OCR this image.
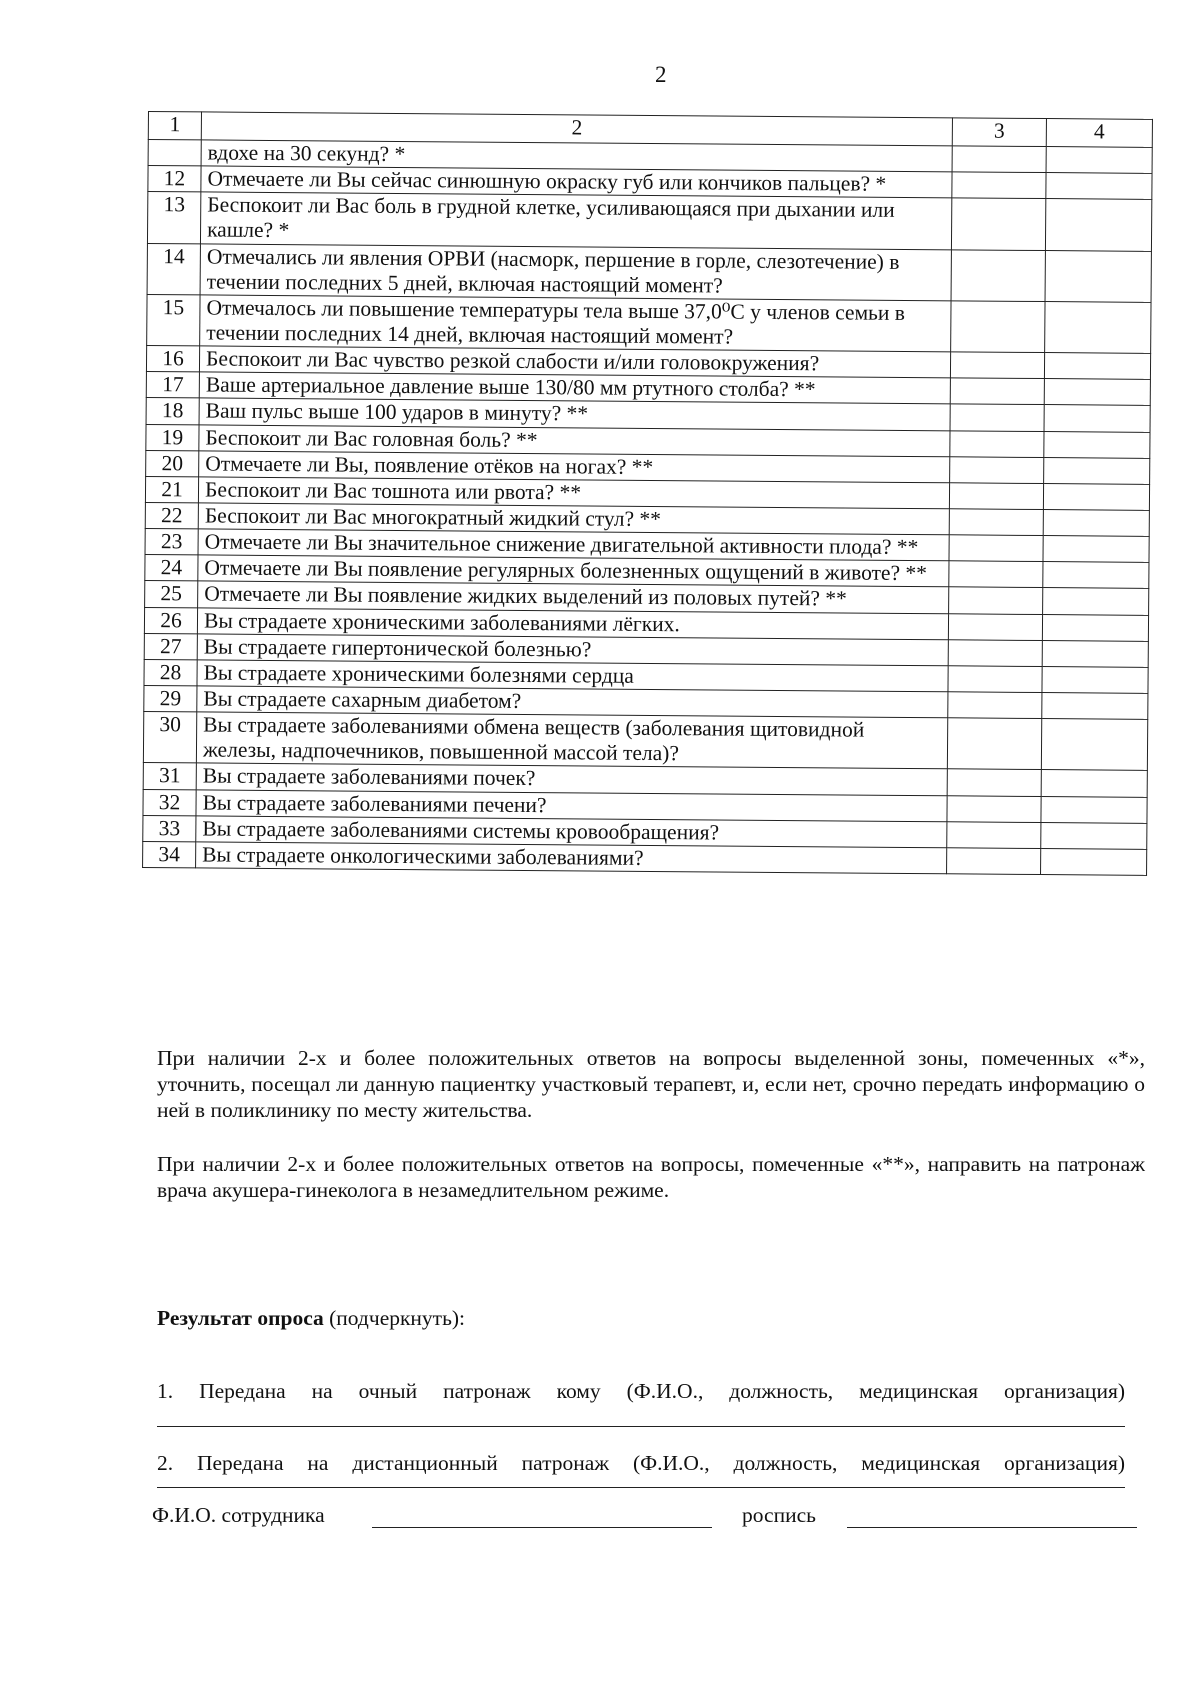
2
1	2	3	4
	вдохе на 30 секунд? *		
12	Отмечаете ли Вы сейчас синюшную окраску губ или кончиков пальцев? *		
13	Беспокоит ли Вас боль в грудной клетке, усиливающаяся при дыхании или кашле? *		
14	Отмечались ли явления ОРВИ (насморк, першение в горле, слезотечение) в течении последних 5 дней, включая настоящий момент?		
15	Отмечалось ли повышение температуры тела выше 37,0⁰С у членов семьи в течении последних 14 дней, включая настоящий момент?		
16	Беспокоит ли Вас чувство резкой слабости и/или головокружения?		
17	Ваше артериальное давление выше 130/80 мм ртутного столба? **		
18	Ваш пульс выше 100 ударов в минуту? **		
19	Беспокоит ли Вас головная боль? **		
20	Отмечаете ли Вы, появление отёков на ногах? **		
21	Беспокоит ли Вас тошнота или рвота? **		
22	Беспокоит ли Вас многократный жидкий стул? **		
23	Отмечаете ли Вы значительное снижение двигательной активности плода? **		
24	Отмечаете ли Вы появление регулярных болезненных ощущений в животе? **		
25	Отмечаете ли Вы появление жидких выделений из половых путей? **		
26	Вы страдаете хроническими заболеваниями лёгких.		
27	Вы страдаете гипертонической болезнью?		
28	Вы страдаете хроническими болезнями сердца		
29	Вы страдаете сахарным диабетом?		
30	Вы страдаете заболеваниями обмена веществ (заболевания щитовидной железы, надпочечников, повышенной массой тела)?		
31	Вы страдаете заболеваниями почек?		
32	Вы страдаете заболеваниями печени?		
33	Вы страдаете заболеваниями системы кровообращения?		
34	Вы страдаете онкологическими заболеваниями?		

При наличии 2-х и более положительных ответов на вопросы выделенной зоны, помеченных «*», уточнить, посещал ли данную пациентку участковый терапевт, и, если нет, срочно передать информацию о ней в поликлинику по месту жительства.

При наличии 2-х и более положительных ответов на вопросы, помеченные «**», направить на патронаж врача акушера-гинеколога в незамедлительном режиме.

Результат опроса (подчеркнуть):

1. Передана на очный патронаж кому (Ф.И.О., должность, медицинская организация)

2. Передана на дистанционный патронаж (Ф.И.О., должность, медицинская организация)

Ф.И.О. сотрудника	роспись
